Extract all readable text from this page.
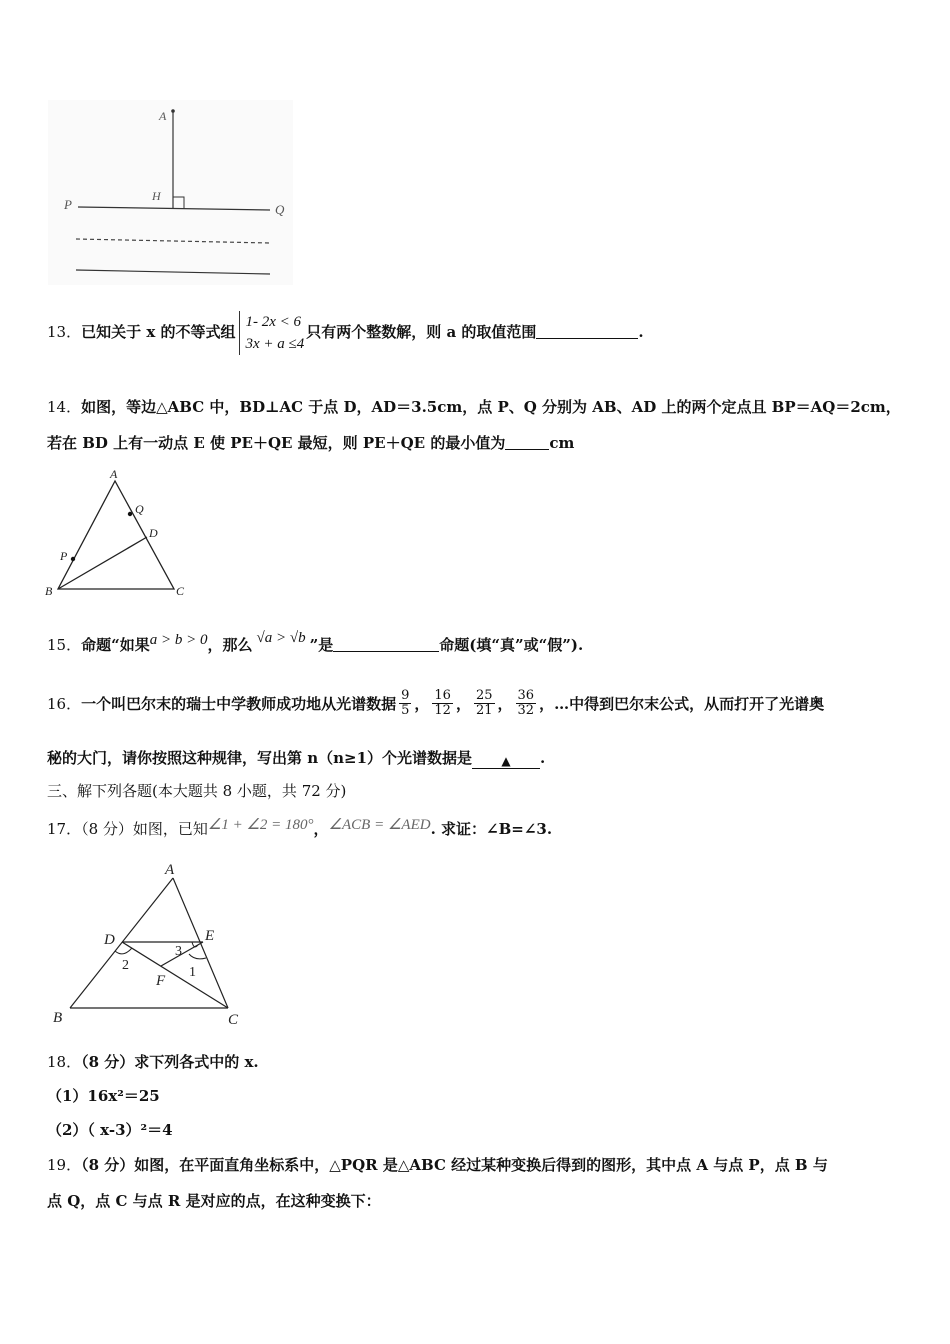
A
H
P	Q
13．已知关于 x 的不等式组
1- 2x < 6
3x + a ≤4
只有两个整数解，则 a 的取值范围	.
14．如图，等边△ABC 中，BD⊥AC 于点 D，AD＝3.5cm，点 P、Q 分别为 AB、AD 上的两个定点且 BP＝AQ＝2cm，
若在 BD 上有一动点 E 使 PE＋QE 最短，则 PE＋QE 的最小值为	cm
A
Q
D
P
B	C
15．命题“如果a > b > 0，那么 √a > √b ”是	命题(填“真”或“假”).
16． 一个叫巴尔末的瑞士中学教师成功地从光谱数据 $\frac{9}{5}$ ， $\frac{16}{12}$ ， $\frac{25}{21}$ ， $\frac{36}{32}$ ，…中得到巴尔末公式，从而打开了光谱奥
秘的大门，请你按照这种规律，写出第 n（n≥1）个光谱数据是 ▲ .
三、解下列各题(本大题共 8 小题，共 72 分)
17．（8 分）如图，已知∠1 + ∠2 = 180°，∠ACB = ∠AED. 求证：∠B=∠3.
A
D	E
F
B	C
1
2
3
18．（8 分）求下列各式中的 x.
（1）16x²＝25
（2）（ x-3）²＝4
19．（8 分）如图，在平面直角坐标系中，△PQR 是△ABC 经过某种变换后得到的图形，其中点 A 与点 P，点 B 与
点 Q，点 C 与点 R 是对应的点，在这种变换下：
